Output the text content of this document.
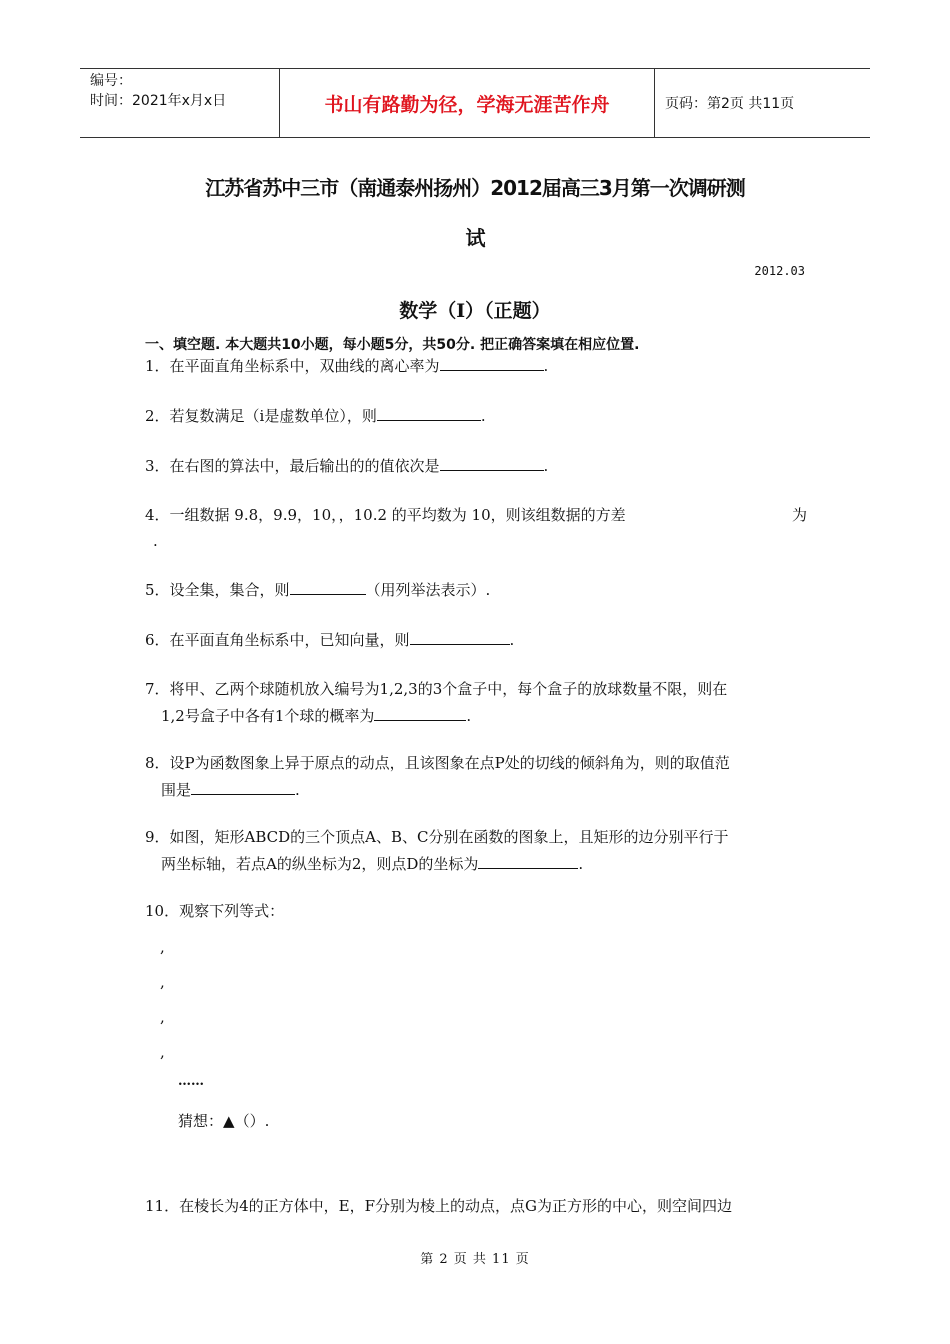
编号：
时间：2021年x月x日	书山有路勤为径，学海无涯苦作舟	页码：第2页 共11页
江苏省苏中三市（南通泰州扬州）2012届高三3月第一次调研测
试
2012.03
数学（I）（正题）
一、填空题. 本大题共10小题，每小题5分，共50分. 把正确答案填在相应位置.
1．在平面直角坐标系中，双曲线的离心率为	.
2．若复数满足（i是虚数单位），则	.
3．在右图的算法中，最后输出的的值依次是	.
4．一组数据 9.8，9.9，10，，10.2 的平均数为 10，则该组数据的方差	为
.
5．设全集，集合，则	（用列举法表示）.
6．在平面直角坐标系中，已知向量，则	.
7．将甲、乙两个球随机放入编号为1,2,3的3个盒子中，每个盒子的放球数量不限，则在
1,2号盒子中各有1个球的概率为	.
8．设P为函数图象上异于原点的动点，且该图象在点P处的切线的倾斜角为，则的取值范
围是	.
9．如图，矩形ABCD的三个顶点A、B、C分别在函数的图象上，且矩形的边分别平行于
两坐标轴，若点A的纵坐标为2，则点D的坐标为	.
10．观察下列等式：
,
,
,
,
……
猜想：▲（）.
11．在棱长为4的正方体中，E，F分别为棱上的动点，点G为正方形的中心，则空间四边
第 2 页 共 11 页
